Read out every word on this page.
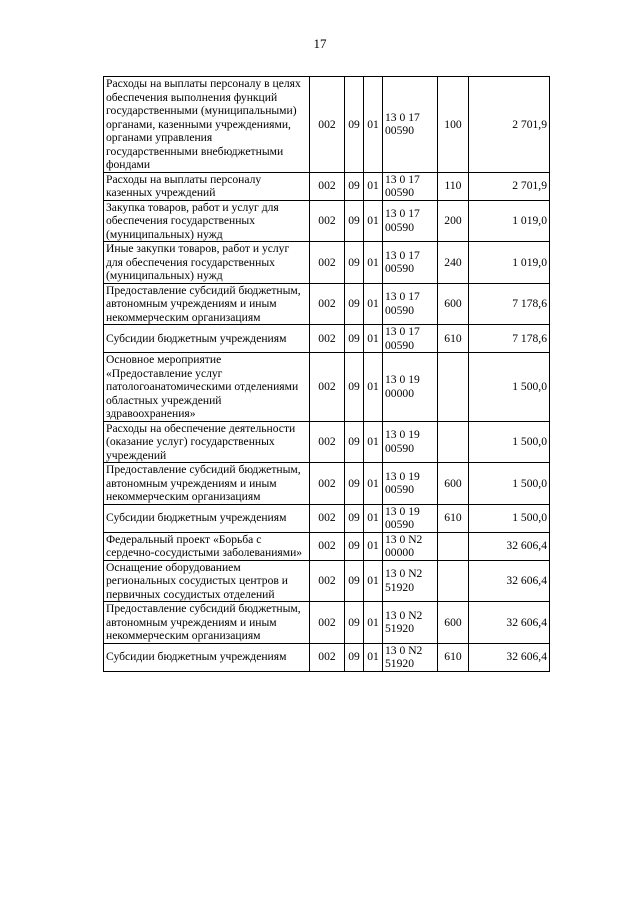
17
Расходы на выплаты персоналу в целях обеспечения выполнения функций государственными (муниципальными) органами, казенными учреждениями, органами управления государственными внебюджетными фондами	002	09	01	13 0 1700590	100	2 701,9
Расходы на выплаты персоналу казенных учреждений	002	09	01	13 0 1700590	110	2 701,9
Закупка товаров, работ и услуг для обеспечения государственных (муниципальных) нужд	002	09	01	13 0 1700590	200	1 019,0
Иные закупки товаров, работ и услуг для обеспечения государственных (муниципальных) нужд	002	09	01	13 0 1700590	240	1 019,0
Предоставление субсидий бюджетным, автономным учреждениям и иным некоммерческим организациям	002	09	01	13 0 1700590	600	7 178,6
Субсидии бюджетным учреждениям	002	09	01	13 0 1700590	610	7 178,6
Основное мероприятие «Предоставление услуг патологоанатомическими отделениями областных учреждений здравоохранения»	002	09	01	13 0 1900000		1 500,0
Расходы на обеспечение деятельности (оказание услуг) государственных учреждений	002	09	01	13 0 1900590		1 500,0
Предоставление субсидий бюджетным, автономным учреждениям и иным некоммерческим организациям	002	09	01	13 0 1900590	600	1 500,0
Субсидии бюджетным учреждениям	002	09	01	13 0 1900590	610	1 500,0
Федеральный проект «Борьба с сердечно-сосудистыми заболеваниями»	002	09	01	13 0 N200000		32 606,4
Оснащение оборудованием региональных сосудистых центров и первичных сосудистых отделений	002	09	01	13 0 N251920		32 606,4
Предоставление субсидий бюджетным, автономным учреждениям и иным некоммерческим организациям	002	09	01	13 0 N251920	600	32 606,4
Субсидии бюджетным учреждениям	002	09	01	13 0 N251920	610	32 606,4
